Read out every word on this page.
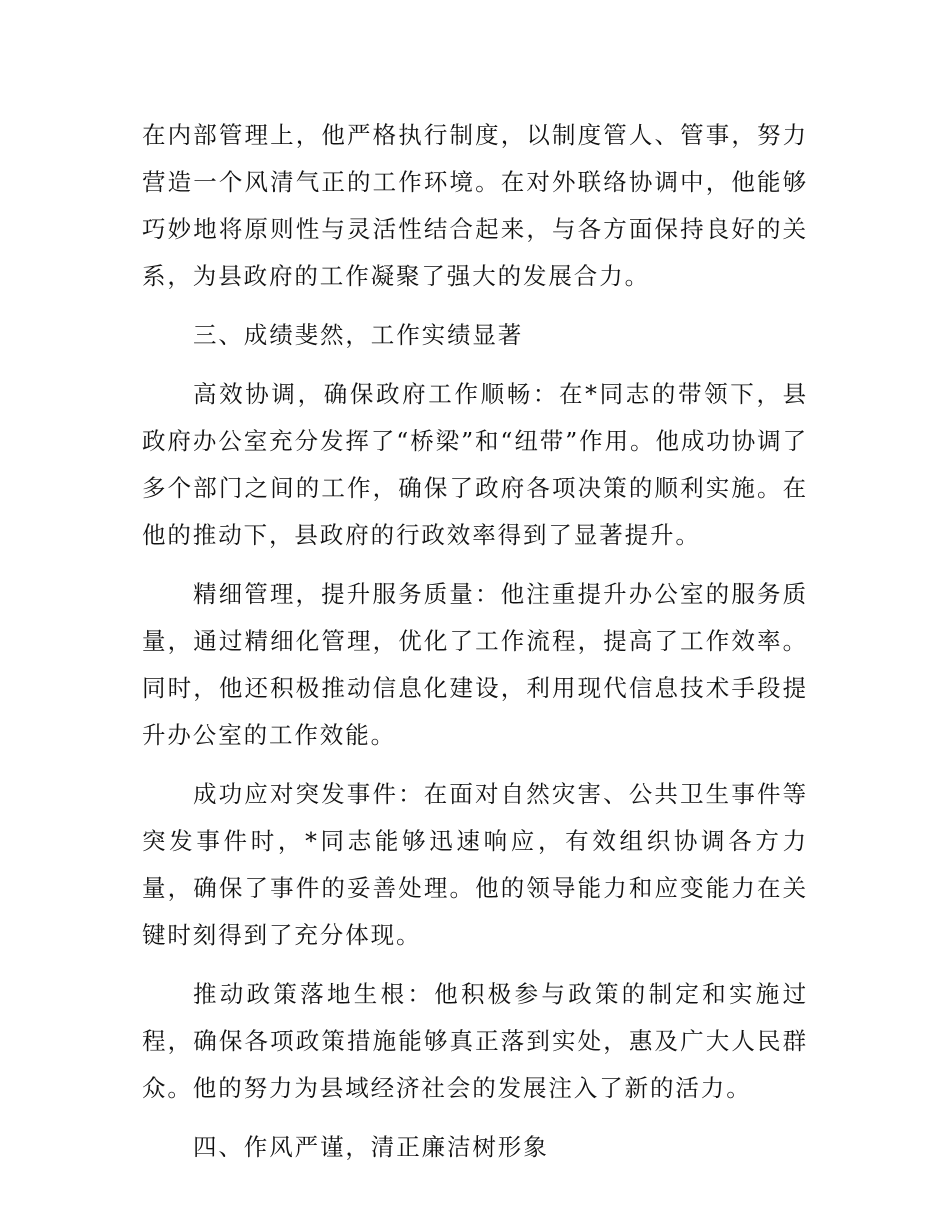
在内部管理上，他严格执行制度，以制度管人、管事，努力营造一个风清气正的工作环境。在对外联络协调中，他能够巧妙地将原则性与灵活性结合起来，与各方面保持良好的关系，为县政府的工作凝聚了强大的发展合力。

三、成绩斐然，工作实绩显著

高效协调，确保政府工作顺畅：在*同志的带领下，县政府办公室充分发挥了“桥梁”和“纽带”作用。他成功协调了多个部门之间的工作，确保了政府各项决策的顺利实施。在他的推动下，县政府的行政效率得到了显著提升。

精细管理，提升服务质量：他注重提升办公室的服务质量，通过精细化管理，优化了工作流程，提高了工作效率。同时，他还积极推动信息化建设，利用现代信息技术手段提升办公室的工作效能。

成功应对突发事件：在面对自然灾害、公共卫生事件等突发事件时，*同志能够迅速响应，有效组织协调各方力量，确保了事件的妥善处理。他的领导能力和应变能力在关键时刻得到了充分体现。

推动政策落地生根：他积极参与政策的制定和实施过程，确保各项政策措施能够真正落到实处，惠及广大人民群众。他的努力为县域经济社会的发展注入了新的活力。

四、作风严谨，清正廉洁树形象
